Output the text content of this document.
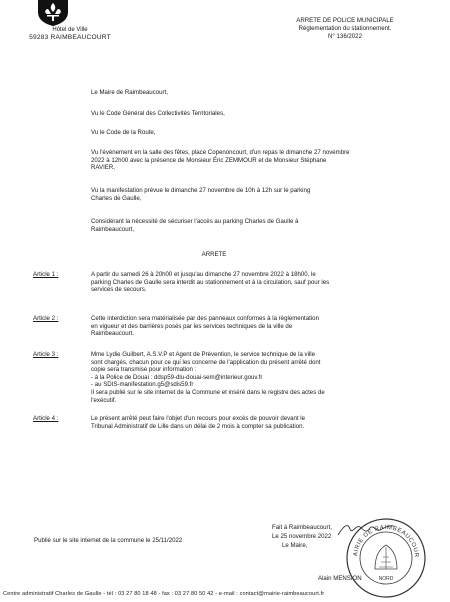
Hôtel de Ville
59283 RAIMBEAUCOURT
ARRETE DE POLICE MUNICIPALE
Réglementation du stationnement.
N° 136/2022
Le Maire de Raimbeaucourt,
Vu le Code Général des Collectivités Territoriales,
Vu le Code de la Route,
Vu l'événement en la salle des fêtes, place Copenoncourt, d'un repas le dimanche 27 novembre
2022 à 12h00 avec la présence de Monsieur Éric ZEMMOUR et de Monsieur Stéphane
RAVIER,
Vu la manifestation prévue le dimanche 27 novembre de 10h à 12h sur le parking
Charles de Gaulle,
Considérant la nécessité de sécuriser l'accès au parking Charles de Gaulle à
Raimbeaucourt,
ARRETE
Article 1 :	A partir du samedi 26 à 20h00 et jusqu'au dimanche 27 novembre 2022 à 18h00, le
parking Charles de Gaulle sera interdit au stationnement et à la circulation, sauf pour les
services de secours.
Article 2 :	Cette interdiction sera matérialisée par des panneaux conformes à la réglementation
en vigueur et des barrières posés par les services techniques de la ville de
Raimbeaucourt.
Article 3 :	Mme Lydie Guilbert, A.S.V.P et Agent de Prévention, le service technique de la ville
sont chargés, chacun pour ce qui les concerne de l'application du présent arrêté dont
copie sera transmise pour information :
- à la Police de Douai : ddsp59-dlu-douai-sem@interieur.gouv.fr
- au SDIS-manifestation.g5@sdis59.fr
Il sera publié sur le site internet de la Commune et inséré dans le registre des actes de
l'exécutif.
Article 4 :	Le présent arrêté peut faire l'objet d'un recours pour excès de pouvoir devant le
Tribunal Administratif de Lille dans un délai de 2 mois à compter sa publication.
Fait à Raimbeaucourt,
Le 25 novembre 2022
Le Maire,
Alain MENSION
Publié sur le site internet de la commune le 25/11/2022
AIRIE DE RAIMBEAUCOUR
NORD
Centre administratif Charles de Gaulle - tél : 03 27 80 18 48 - fax : 03 27 80 50 42 - e-mail : contact@mairie-raimbeaucourt.fr
